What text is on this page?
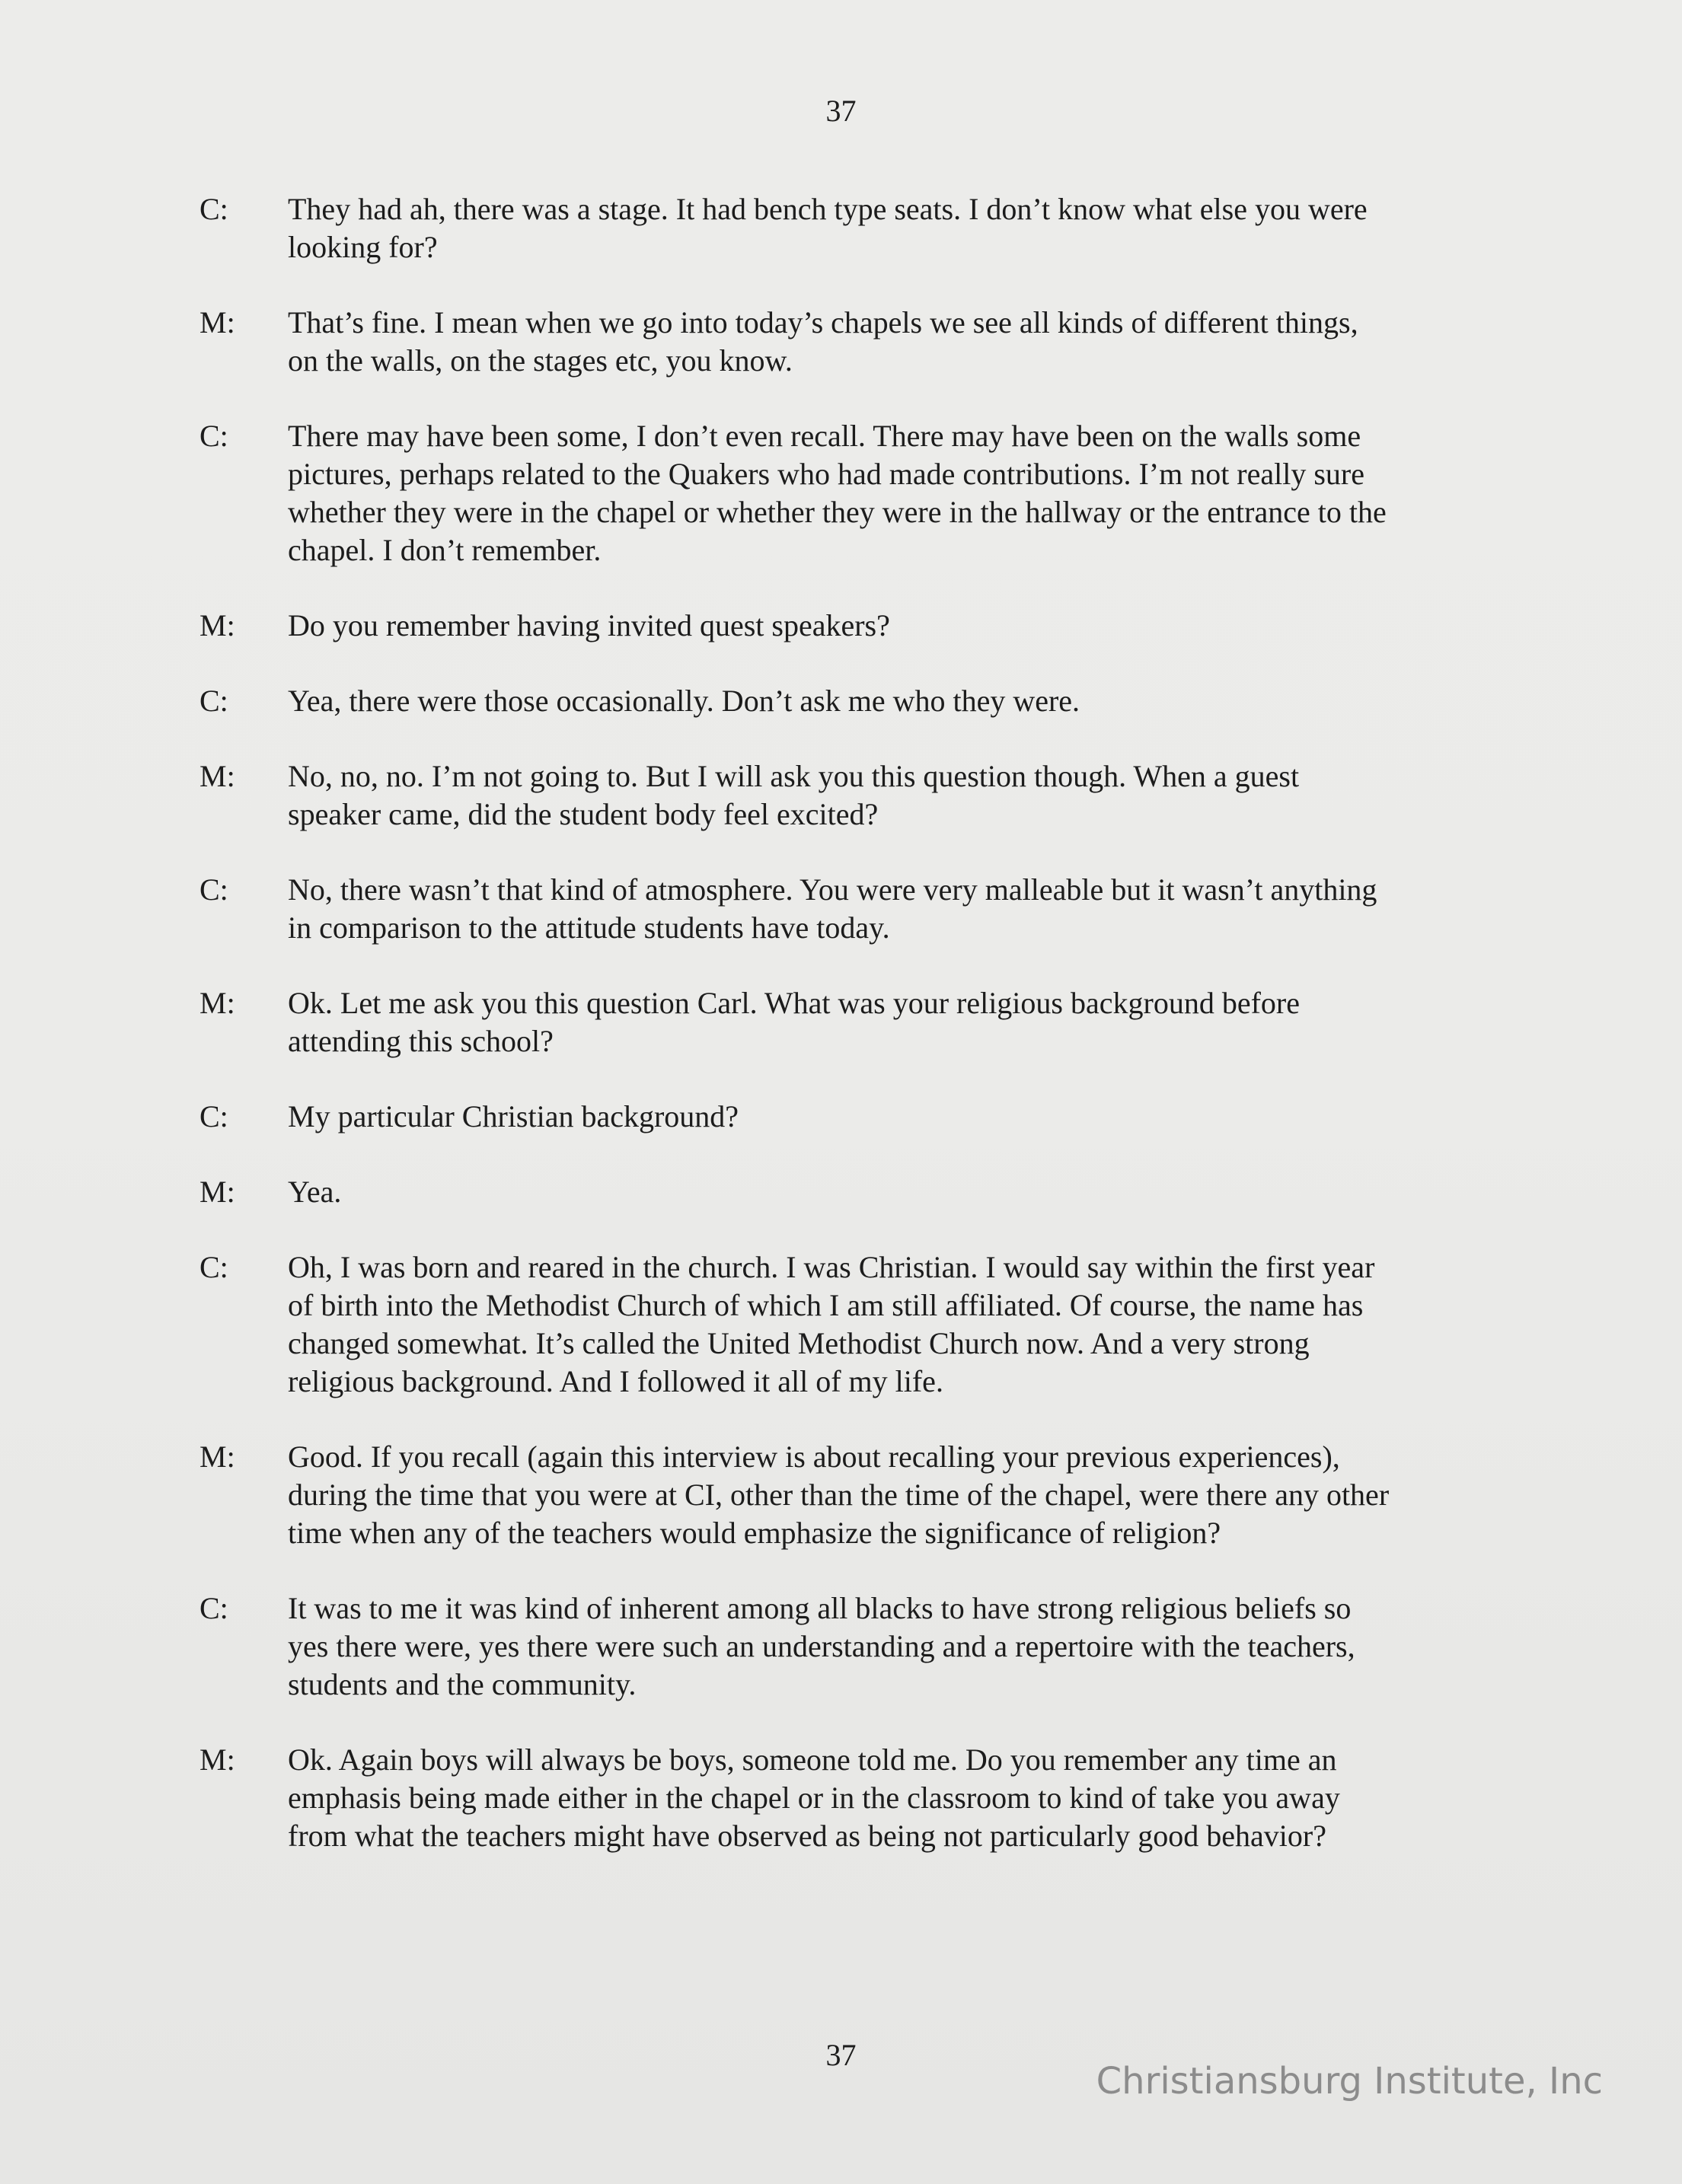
37
C:	They had ah, there was a stage. It had bench type seats. I don’t know what else you were
looking for?
M:	That’s fine. I mean when we go into today’s chapels we see all kinds of different things,
on the walls, on the stages etc, you know.
C:	There may have been some, I don’t even recall. There may have been on the walls some
pictures, perhaps related to the Quakers who had made contributions. I’m not really sure
whether they were in the chapel or whether they were in the hallway or the entrance to the
chapel. I don’t remember.
M:	Do you remember having invited quest speakers?
C:	Yea, there were those occasionally. Don’t ask me who they were.
M:	No, no, no. I’m not going to. But I will ask you this question though. When a guest
speaker came, did the student body feel excited?
C:	No, there wasn’t that kind of atmosphere. You were very malleable but it wasn’t anything
in comparison to the attitude students have today.
M:	Ok. Let me ask you this question Carl. What was your religious background before
attending this school?
C:	My particular Christian background?
M:	Yea.
C:	Oh, I was born and reared in the church. I was Christian. I would say within the first year
of birth into the Methodist Church of which I am still affiliated. Of course, the name has
changed somewhat. It’s called the United Methodist Church now. And a very strong
religious background. And I followed it all of my life.
M:	Good. If you recall (again this interview is about recalling your previous experiences),
during the time that you were at CI, other than the time of the chapel, were there any other
time when any of the teachers would emphasize the significance of religion?
C:	It was to me it was kind of inherent among all blacks to have strong religious beliefs so
yes there were, yes there were such an understanding and a repertoire with the teachers,
students and the community.
M:	Ok. Again boys will always be boys, someone told me. Do you remember any time an
emphasis being made either in the chapel or in the classroom to kind of take you away
from what the teachers might have observed as being not particularly good behavior?
37
Christiansburg Institute, Inc
